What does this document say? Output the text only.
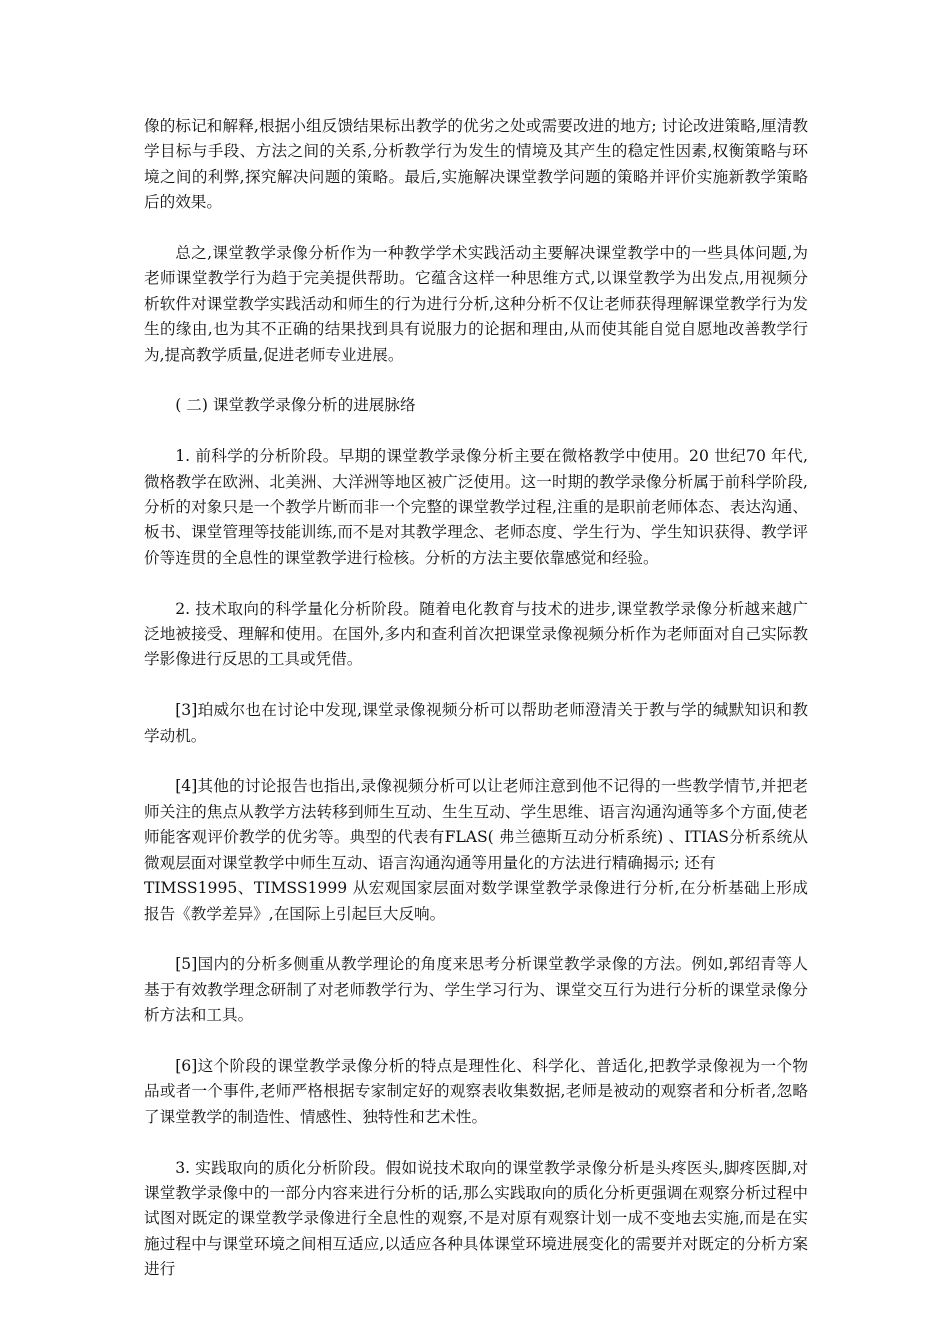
像的标记和解释,根据小组反馈结果标出教学的优劣之处或需要改进的地方; 讨论改进策略,厘清教学目标与手段、方法之间的关系,分析教学行为发生的情境及其产生的稳定性因素,权衡策略与环境之间的利弊,探究解决问题的策略。最后,实施解决课堂教学问题的策略并评价实施新教学策略后的效果。

总之,课堂教学录像分析作为一种教学学术实践活动主要解决课堂教学中的一些具体问题,为老师课堂教学行为趋于完美提供帮助。它蕴含这样一种思维方式,以课堂教学为出发点,用视频分析软件对课堂教学实践活动和师生的行为进行分析,这种分析不仅让老师获得理解课堂教学行为发生的缘由,也为其不正确的结果找到具有说服力的论据和理由,从而使其能自觉自愿地改善教学行为,提高教学质量,促进老师专业进展。

( 二) 课堂教学录像分析的进展脉络

1. 前科学的分析阶段。早期的课堂教学录像分析主要在微格教学中使用。20 世纪70 年代,微格教学在欧洲、北美洲、大洋洲等地区被广泛使用。这一时期的教学录像分析属于前科学阶段,分析的对象只是一个教学片断而非一个完整的课堂教学过程,注重的是职前老师体态、表达沟通、板书、课堂管理等技能训练,而不是对其教学理念、老师态度、学生行为、学生知识获得、教学评价等连贯的全息性的课堂教学进行检核。分析的方法主要依靠感觉和经验。

2. 技术取向的科学量化分析阶段。随着电化教育与技术的进步,课堂教学录像分析越来越广泛地被接受、理解和使用。在国外,多内和查利首次把课堂录像视频分析作为老师面对自己实际教学影像进行反思的工具或凭借。

[3]珀威尔也在讨论中发现,课堂录像视频分析可以帮助老师澄清关于教与学的缄默知识和教学动机。

[4]其他的讨论报告也指出,录像视频分析可以让老师注意到他不记得的一些教学情节,并把老师关注的焦点从教学方法转移到师生互动、生生互动、学生思维、语言沟通沟通等多个方面,使老师能客观评价教学的优劣等。典型的代表有FLAS( 弗兰德斯互动分析系统) 、ITIAS分析系统从微观层面对课堂教学中师生互动、语言沟通沟通等用量化的方法进行精确揭示; 还有
TIMSS1995、TIMSS1999 从宏观国家层面对数学课堂教学录像进行分析,在分析基础上形成报告《教学差异》,在国际上引起巨大反响。

[5]国内的分析多侧重从教学理论的角度来思考分析课堂教学录像的方法。例如,郭绍青等人基于有效教学理念研制了对老师教学行为、学生学习行为、课堂交互行为进行分析的课堂录像分析方法和工具。

[6]这个阶段的课堂教学录像分析的特点是理性化、科学化、普适化,把教学录像视为一个物品或者一个事件,老师严格根据专家制定好的观察表收集数据,老师是被动的观察者和分析者,忽略了课堂教学的制造性、情感性、独特性和艺术性。

3. 实践取向的质化分析阶段。假如说技术取向的课堂教学录像分析是头疼医头,脚疼医脚,对课堂教学录像中的一部分内容来进行分析的话,那么实践取向的质化分析更强调在观察分析过程中试图对既定的课堂教学录像进行全息性的观察,不是对原有观察计划一成不变地去实施,而是在实施过程中与课堂环境之间相互适应,以适应各种具体课堂环境进展变化的需要并对既定的分析方案进行
